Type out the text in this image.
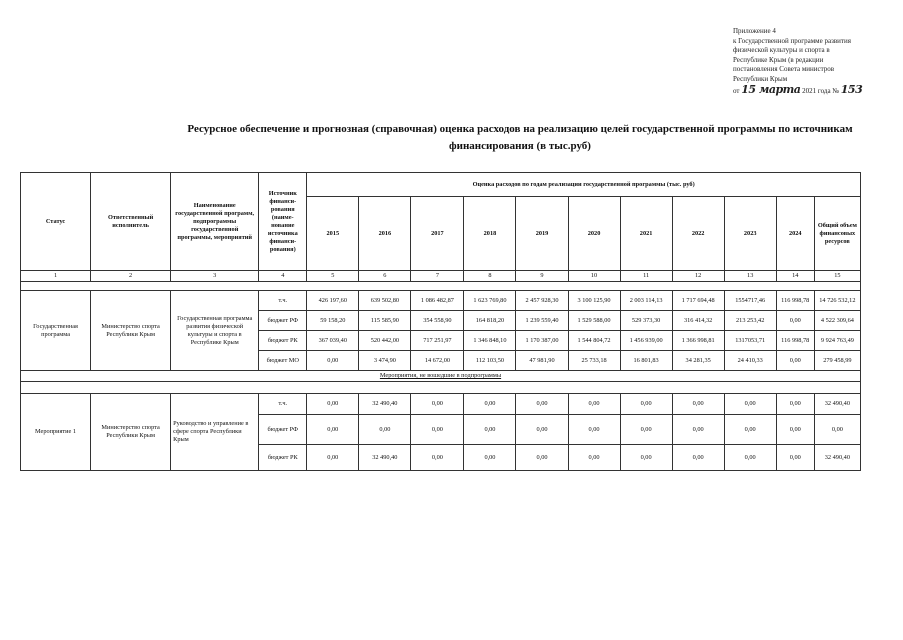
Приложение 4
к Государственной программе развития
физической культуры и спорта в
Республике Крым (в редакции
постановления Совета министров
Республики Крым
от 15 марта 2021 года № 153
Ресурсное обеспечение и прогнозная (справочная) оценка расходов на реализацию целей государственной программы по источникам финансирования (в тыс.руб)
Статус	Ответственный исполнитель	Наименование государственной программ, подпрограммы государственной программы, мероприятий	Источник финанси-рования (наиме-нование источника финанси-рования)	Оценка расходов по годам реализации государственной программы (тыс. руб)										
				2015	2016	2017	2018	2019	2020	2021	2022	2023	2024	Общий объем финансовых ресурсов
1	2	3	4	5	6	7	8	9	10	11	12	13	14	15

Государственная программа	Министерство спорта Республики Крым	Государственная программа развития физической культуры и спорта в Республике Крым	т.ч.	426 197,60	639 502,80	1 086 482,87	1 623 769,80	2 457 928,30	3 100 125,90	2 003 114,13	1 717 694,48	1554717,46	116 998,78	14 726 532,12
			бюджет РФ	59 158,20	115 585,90	354 558,90	164 818,20	1 239 559,40	1 529 588,00	529 373,30	316 414,32	213 253,42	0,00	4 522 309,64
			бюджет РК	367 039,40	520 442,00	717 251,97	1 346 848,10	1 170 387,00	1 544 804,72	1 456 939,00	1 366 998,81	1317053,71	116 998,78	9 924 763,49
			бюджет МО	0,00	3 474,90	14 672,00	112 103,50	47 981,90	25 733,18	16 801,83	34 281,35	24 410,33	0,00	279 458,99
Мероприятия, не вошедшие в подпрограммы														

Мероприятие 1	Министерство спорта Республики Крым	Руководство и управление в сфере спорта Республики Крым	т.ч.	0,00	32 490,40	0,00	0,00	0,00	0,00	0,00	0,00	0,00	0,00	32 490,40
			бюджет РФ	0,00	0,00	0,00	0,00	0,00	0,00	0,00	0,00	0,00	0,00	0,00
			бюджет РК	0,00	32 490,40	0,00	0,00	0,00	0,00	0,00	0,00	0,00	0,00	32 490,40
